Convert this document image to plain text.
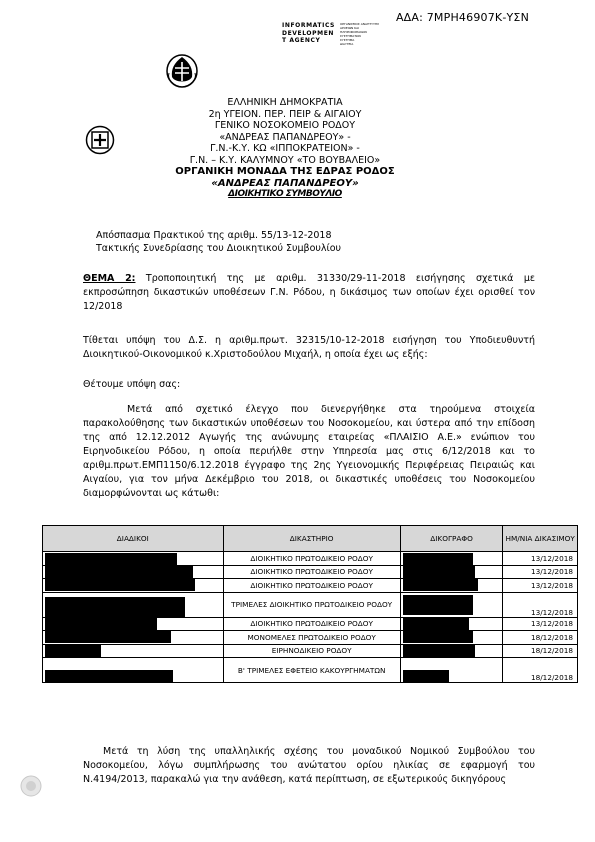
ΑΔΑ: 7ΜΡΗ46907Κ-ΥΣΝ
INFORMATICS
DEVELOPMEN
T AGENCY
ΟΡΓΑΝΙΣΜΟΣ ΑΝΑΠΤΥΞΗΣ
ΑΡΧΕΙΩΝ ΚΑΙ
ΠΛΗΡΟΦΟΡΙΑΚΩΝ
ΣΥΣΤΗΜΑΤΩΝ
ΣΥΣΤΗΜΑ
ΔΙΑΥΓΕΙΑ
ΕΛΛΗΝΙΚΗ ΔΗΜΟΚΡΑΤΙΑ
2η ΥΓΕΙΟΝ. ΠΕΡ. ΠΕΙΡ & ΑΙΓΑΙΟΥ
ΓΕΝΙΚΟ ΝΟΣΟΚΟΜΕΙΟ ΡΟΔΟΥ
«ΑΝΔΡΕΑΣ ΠΑΠΑΝΔΡΕΟΥ» -
Γ.Ν.-Κ.Υ. ΚΩ «ΙΠΠΟΚΡΑΤΕΙΟΝ» -
Γ.Ν. – Κ.Υ. ΚΑΛΥΜΝΟΥ «ΤΟ ΒΟΥΒΑΛΕΙΟ»
ΟΡΓΑΝΙΚΗ ΜΟΝΑΔΑ ΤΗΣ ΕΔΡΑΣ ΡΟΔΟΣ
«ΑΝΔΡΕΑΣ ΠΑΠΑΝΔΡΕΟΥ»
ΔΙΟΙΚΗΤΙΚΟ ΣΥΜΒΟΥΛΙΟ
Απόσπασμα Πρακτικού της αριθμ. 55/13-12-2018
Τακτικής Συνεδρίασης του Διοικητικού Συμβουλίου
ΘΕΜΑ 2: Τροποποιητική της με αριθμ. 31330/29-11-2018 εισήγησης σχετικά με εκπροσώπηση δικαστικών υποθέσεων Γ.Ν. Ρόδου, η δικάσιμος των οποίων έχει ορισθεί τον 12/2018
Τίθεται υπόψη του Δ.Σ. η αριθμ.πρωτ. 32315/10-12-2018 εισήγηση του Υποδιευθυντή Διοικητικού-Οικονομικού κ.Χριστοδούλου Μιχαήλ, η οποία έχει ως εξής:
Θέτουμε υπόψη σας:
Μετά από σχετικό έλεγχο που διενεργήθηκε στα τηρούμενα στοιχεία παρακολούθησης των δικαστικών υποθέσεων του Νοσοκομείου, και ύστερα από την επίδοση της από 12.12.2012 Αγωγής της ανώνυμης εταιρείας «ΠΛΑΙΣΙΟ Α.Ε.» ενώπιον του Ειρηνοδικείου Ρόδου, η οποία περιήλθε στην Υπηρεσία μας στις 6/12/2018 και το αριθμ.πρωτ.ΕΜΠ1150/6.12.2018 έγγραφο της 2ης Υγειονομικής Περιφέρειας Πειραιώς και Αιγαίου, για τον μήνα Δεκέμβριο του 2018, οι δικαστικές υποθέσεις του Νοσοκομείου διαμορφώνονται ως κάτωθι:
ΔΙΑΔΙΚΟΙ	ΔΙΚΑΣΤΗΡΙΟ	ΔΙΚΟΓΡΑΦΟ	ΗΜ/ΝΙΑ ΔΙΚΑΣΙΜΟΥ
	ΔΙΟΙΚΗΤΙΚΟ ΠΡΩΤΟΔΙΚΕΙΟ ΡΟΔΟΥ		13/12/2018
	ΔΙΟΙΚΗΤΙΚΟ ΠΡΩΤΟΔΙΚΕΙΟ ΡΟΔΟΥ		13/12/2018
	ΔΙΟΙΚΗΤΙΚΟ ΠΡΩΤΟΔΙΚΕΙΟ ΡΟΔΟΥ		13/12/2018
	ΤΡΙΜΕΛΕΣ ΔΙΟΙΚΗΤΙΚΟ ΠΡΩΤΟΔΙΚΕΙΟ ΡΟΔΟΥ		13/12/2018
	ΔΙΟΙΚΗΤΙΚΟ ΠΡΩΤΟΔΙΚΕΙΟ ΡΟΔΟΥ		13/12/2018
	ΜΟΝΟΜΕΛΕΣ ΠΡΩΤΟΔΙΚΕΙΟ ΡΟΔΟΥ		18/12/2018
	ΕΙΡΗΝΟΔΙΚΕΙΟ ΡΟΔΟΥ		18/12/2018
	Β' ΤΡΙΜΕΛΕΣ ΕΦΕΤΕΙΟ ΚΑΚΟΥΡΓΗΜΑΤΩΝ		18/12/2018
Μετά τη λύση της υπαλληλικής σχέσης του μοναδικού Νομικού Συμβούλου του Νοσοκομείου, λόγω συμπλήρωσης του ανώτατου ορίου ηλικίας σε εφαρμογή του Ν.4194/2013, παρακαλώ για την ανάθεση, κατά περίπτωση, σε εξωτερικούς δικηγόρους
